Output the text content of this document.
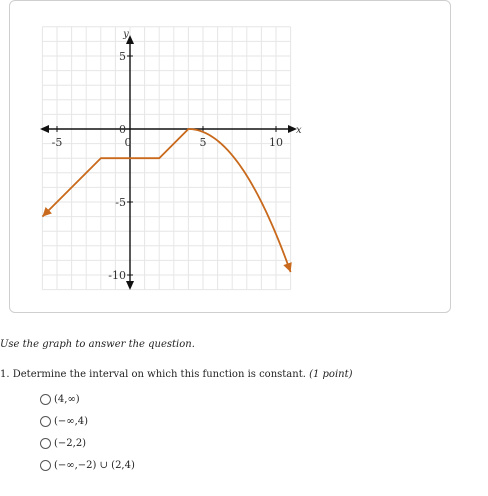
-5	5	10
5
0
-5
-10
0
x
y
Use the graph to answer the question.
1. Determine the interval on which this function is constant. (1 point)
(4,∞)
(−∞,4)
(−2,2)
(−∞,−2) ∪ (2,4)
